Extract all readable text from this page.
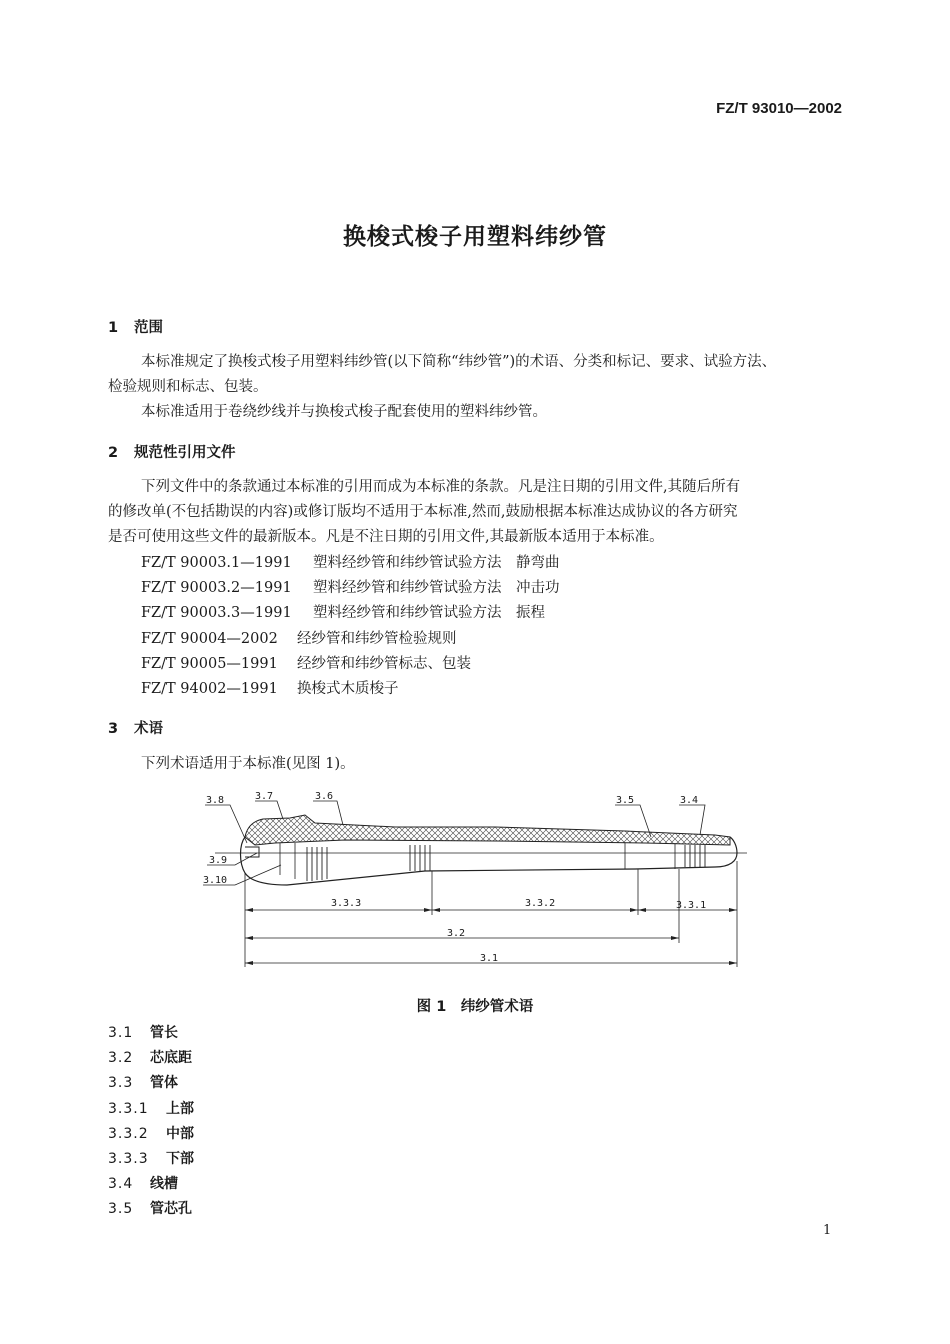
FZ/T 93010—2002
换梭式梭子用塑料纬纱管
1 范围
本标准规定了换梭式梭子用塑料纬纱管(以下简称“纬纱管”)的术语、分类和标记、要求、试验方法、
检验规则和标志、包装。
本标准适用于卷绕纱线并与换梭式梭子配套使用的塑料纬纱管。
2 规范性引用文件
下列文件中的条款通过本标准的引用而成为本标准的条款。凡是注日期的引用文件,其随后所有
的修改单(不包括勘误的内容)或修订版均不适用于本标准,然而,鼓励根据本标准达成协议的各方研究
是否可使用这些文件的最新版本。凡是不注日期的引用文件,其最新版本适用于本标准。
FZ/T 90003.1—1991 塑料经纱管和纬纱管试验方法　静弯曲
FZ/T 90003.2—1991 塑料经纱管和纬纱管试验方法　冲击功
FZ/T 90003.3—1991 塑料经纱管和纬纱管试验方法　振程
FZ/T 90004—2002 经纱管和纬纱管检验规则
FZ/T 90005—1991 经纱管和纬纱管标志、包装
FZ/T 94002—1991 换梭式木质梭子
3 术语
下列术语适用于本标准(见图 1)。
3.8	3.7	3.6	3.5	3.4
3.9
3.10
3.3.3	3.3.2	3.3.1
3.2
3.1
图 1　纬纱管术语
3.1 管长
3.2 芯底距
3.3 管体
3.3.1 上部
3.3.2 中部
3.3.3 下部
3.4 线槽
3.5 管芯孔
1
